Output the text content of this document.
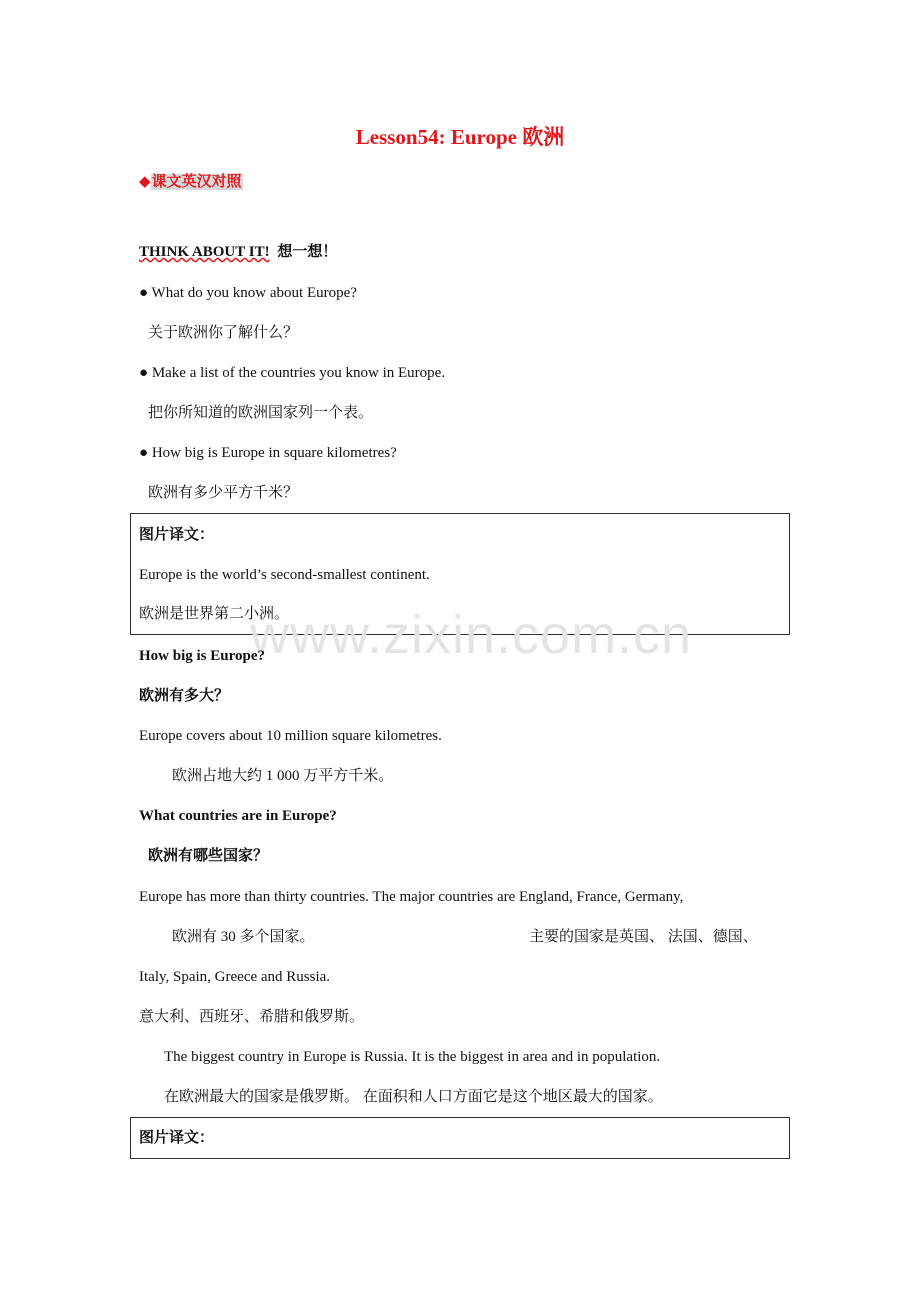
Lesson54: Europe 欧洲
◆课文英汉对照
THINK ABOUT IT! 想一想！
● What do you know about Europe?
关于欧洲你了解什么？
● Make a list of the countries you know in Europe.
把你所知道的欧洲国家列一个表。
● How big is Europe in square kilometres?
欧洲有多少平方千米？
图片译文：
Europe is the world’s second-smallest continent.
欧洲是世界第二小洲。
www.zixin.com.cn
How big is Europe?
欧洲有多大？
Europe covers about 10 million square kilometres.
欧洲占地大约 1 000 万平方千米。
What countries are in Europe?
欧洲有哪些国家？
Europe has more than thirty countries. The major countries are England, France, Germany,
欧洲有 30 多个国家。	主要的国家是英国、 法国、德国、
Italy, Spain, Greece and Russia.
意大利、西班牙、希腊和俄罗斯。
The biggest country in Europe is Russia. It is the biggest in area and in population.
在欧洲最大的国家是俄罗斯。 在面积和人口方面它是这个地区最大的国家。
图片译文：
